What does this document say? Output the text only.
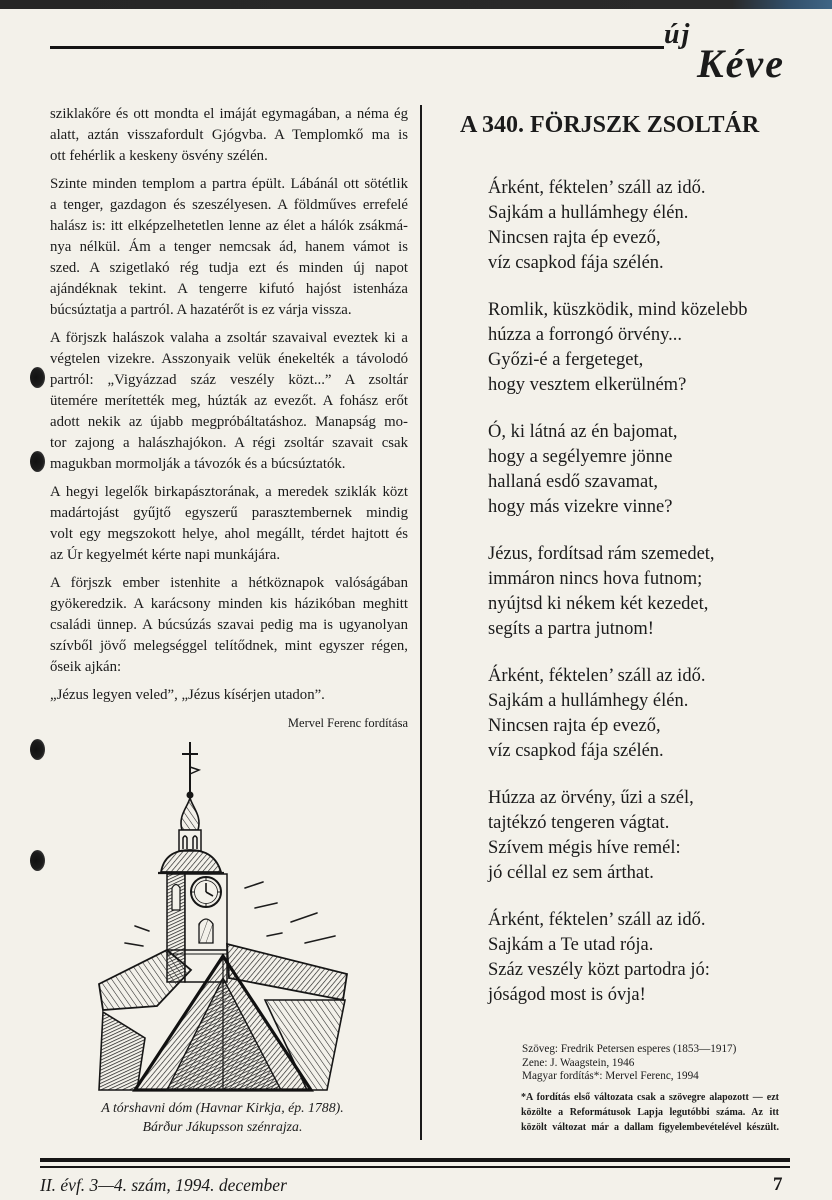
új
Kéve
sziklakőre és ott mondta el imáját egymagában, a néma ég
alatt, aztán visszafordult Gjógvba. A Templomkő ma is
ott fehérlik a keskeny ösvény szélén.
Szinte minden templom a partra épült. Lábánál ott sötétlik
a tenger, gazdagon és szeszélyesen. A földműves errefelé
halász is: itt elképzelhetetlen lenne az élet a hálók zsákmá-
nya nélkül. Ám a tenger nemcsak ád, hanem vámot is
szed. A szigetlakó rég tudja ezt és minden új napot
ajándéknak tekint. A tengerre kifutó hajóst istenháza
búcsúztatja a partról. A hazatérőt is ez várja vissza.
A förjszk halászok valaha a zsoltár szavaival eveztek ki a
végtelen vizekre. Asszonyaik velük énekelték a távolodó
partról: „Vigyázzad száz veszély közt...” A zsoltár
ütemére merítették meg, húzták az evezőt. A fohász erőt
adott nekik az újabb megpróbáltatáshoz. Manapság mo-
tor zajong a halászhajókon. A régi zsoltár szavait csak
magukban mormolják a távozók és a búcsúztatók.
A hegyi legelők birkapásztorának, a meredek sziklák közt
madártojást gyűjtő egyszerű parasztembernek mindig
volt egy megszokott helye, ahol megállt, térdet hajtott és
az Úr kegyelmét kérte napi munkájára.
A förjszk ember istenhite a hétköznapok valóságában
gyökeredzik. A karácsony minden kis házikóban meghitt
családi ünnep. A búcsúzás szavai pedig ma is ugyanolyan
szívből jövő melegséggel telítődnek, mint egyszer régen,
őseik ajkán:
„Jézus legyen veled”, „Jézus kísérjen utadon”.
Mervel Ferenc fordítása
A tórshavni dóm (Havnar Kirkja, ép. 1788).
Bárður Jákupsson szénrajza.
A 340. FÖRJSZK ZSOLTÁR
Árként, féktelen’ száll az idő.
Sajkám a hullámhegy élén.
Nincsen rajta ép evező,
víz csapkod fája szélén.
Romlik, küszködik, mind közelebb
húzza a forrongó örvény...
Győzi-é a fergeteget,
hogy vesztem elkerülném?
Ó, ki látná az én bajomat,
hogy a segélyemre jönne
hallaná esdő szavamat,
hogy más vizekre vinne?
Jézus, fordítsad rám szemedet,
immáron nincs hova futnom;
nyújtsd ki nékem két kezedet,
segíts a partra jutnom!
Árként, féktelen’ száll az idő.
Sajkám a hullámhegy élén.
Nincsen rajta ép evező,
víz csapkod fája szélén.
Húzza az örvény, űzi a szél,
tajtékzó tengeren vágtat.
Szívem mégis híve remél:
jó céllal ez sem árthat.
Árként, féktelen’ száll az idő.
Sajkám a Te utad rója.
Száz veszély közt partodra jó:
jóságod most is óvja!
Szöveg: Fredrik Petersen esperes (1853—1917)
Zene: J. Waagstein, 1946
Magyar fordítás*: Mervel Ferenc, 1994
*A fordítás első változata csak a szövegre alapozott — ezt
közölte a Reformátusok Lapja legutóbbi száma. Az itt
közölt változat már a dallam figyelembevételével készült.
II. évf. 3—4. szám, 1994. december	7
